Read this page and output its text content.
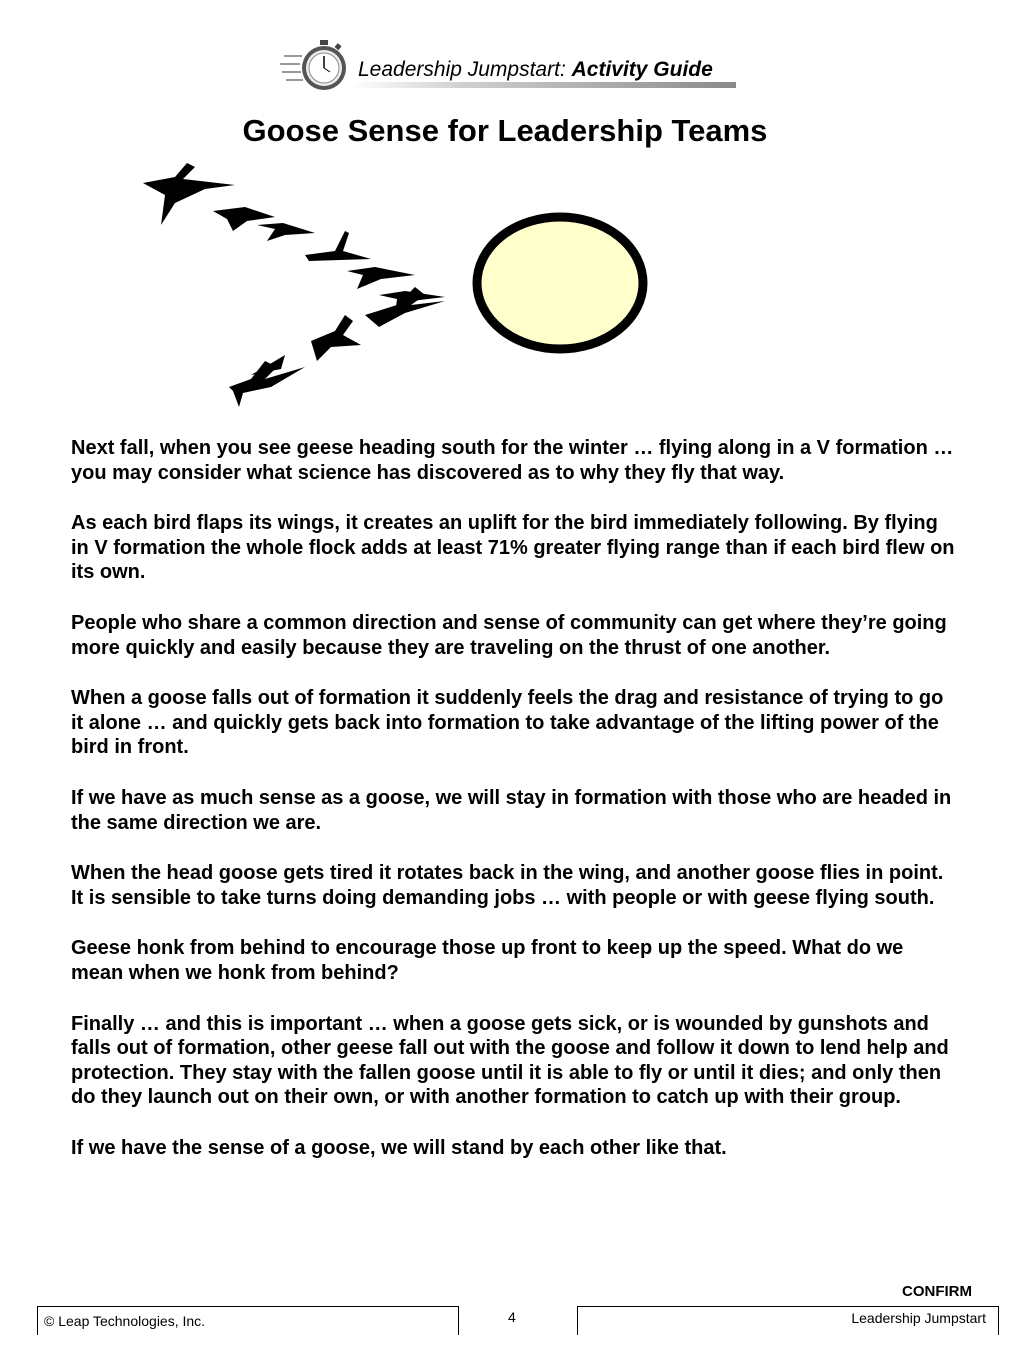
Leadership Jumpstart: Activity Guide
Goose Sense for Leadership Teams

Next fall, when you see geese heading south for the winter … flying along in a V formation … you may consider what science has discovered as to why they fly that way.

As each bird flaps its wings, it creates an uplift for the bird immediately following. By flying in V formation the whole flock adds at least 71% greater flying range than if each bird flew on its own.

People who share a common direction and sense of community can get where they’re going more quickly and easily because they are traveling on the thrust of one another.

When a goose falls out of formation it suddenly feels the drag and resistance of trying to go it alone … and quickly gets back into formation to take advantage of the lifting power of the bird in front.

If we have as much sense as a goose, we will stay in formation with those who are headed in the same direction we are.

When the head goose gets tired it rotates back in the wing, and another goose flies in point. It is sensible to take turns doing demanding jobs … with people or with geese flying south.

Geese honk from behind to encourage those up front to keep up the speed. What do we mean when we honk from behind?

Finally … and this is important … when a goose gets sick, or is wounded by gunshots and falls out of formation, other geese fall out with the goose and follow it down to lend help and protection. They stay with the fallen goose until it is able to fly or until it dies; and only then do they launch out on their own, or with another formation to catch up with their group.

If we have the sense of a goose, we will stand by each other like that.

CONFIRM
© Leap Technologies, Inc.	4	Leadership Jumpstart
